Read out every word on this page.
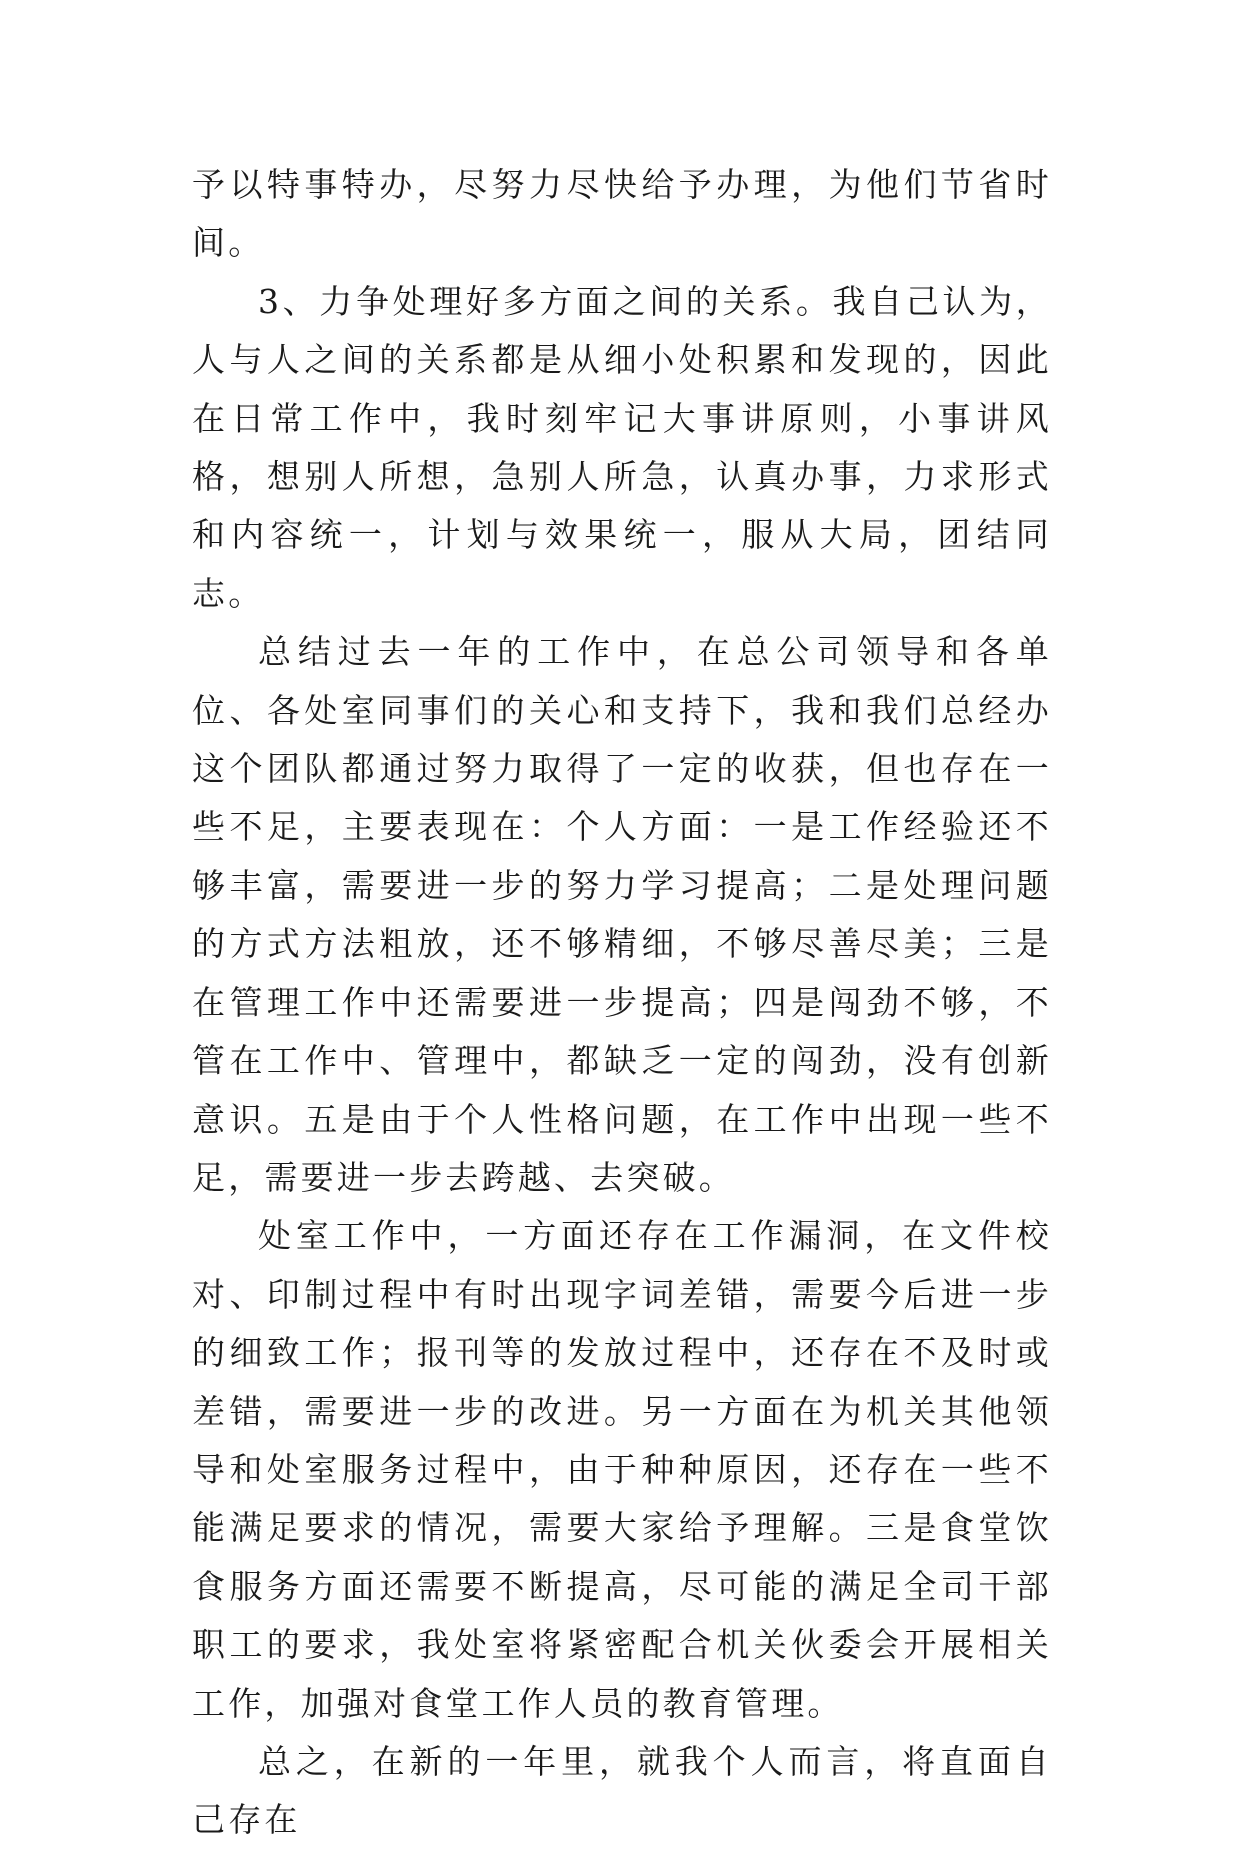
予以特事特办，尽努力尽快给予办理，为他们节省时间。

3、力争处理好多方面之间的关系。我自己认为，人与人之间的关系都是从细小处积累和发现的，因此在日常工作中，我时刻牢记大事讲原则，小事讲风格，想别人所想，急别人所急，认真办事，力求形式和内容统一，计划与效果统一，服从大局，团结同志。

总结过去一年的工作中，在总公司领导和各单位、各处室同事们的关心和支持下，我和我们总经办这个团队都通过努力取得了一定的收获，但也存在一些不足，主要表现在：个人方面：一是工作经验还不够丰富，需要进一步的努力学习提高；二是处理问题的方式方法粗放，还不够精细，不够尽善尽美；三是在管理工作中还需要进一步提高；四是闯劲不够，不管在工作中、管理中，都缺乏一定的闯劲，没有创新意识。五是由于个人性格问题，在工作中出现一些不足，需要进一步去跨越、去突破。

处室工作中，一方面还存在工作漏洞，在文件校对、印制过程中有时出现字词差错，需要今后进一步的细致工作；报刊等的发放过程中，还存在不及时或差错，需要进一步的改进。另一方面在为机关其他领导和处室服务过程中，由于种种原因，还存在一些不能满足要求的情况，需要大家给予理解。三是食堂饮食服务方面还需要不断提高，尽可能的满足全司干部职工的要求，我处室将紧密配合机关伙委会开展相关工作，加强对食堂工作人员的教育管理。

总之，在新的一年里，就我个人而言，将直面自己存在
